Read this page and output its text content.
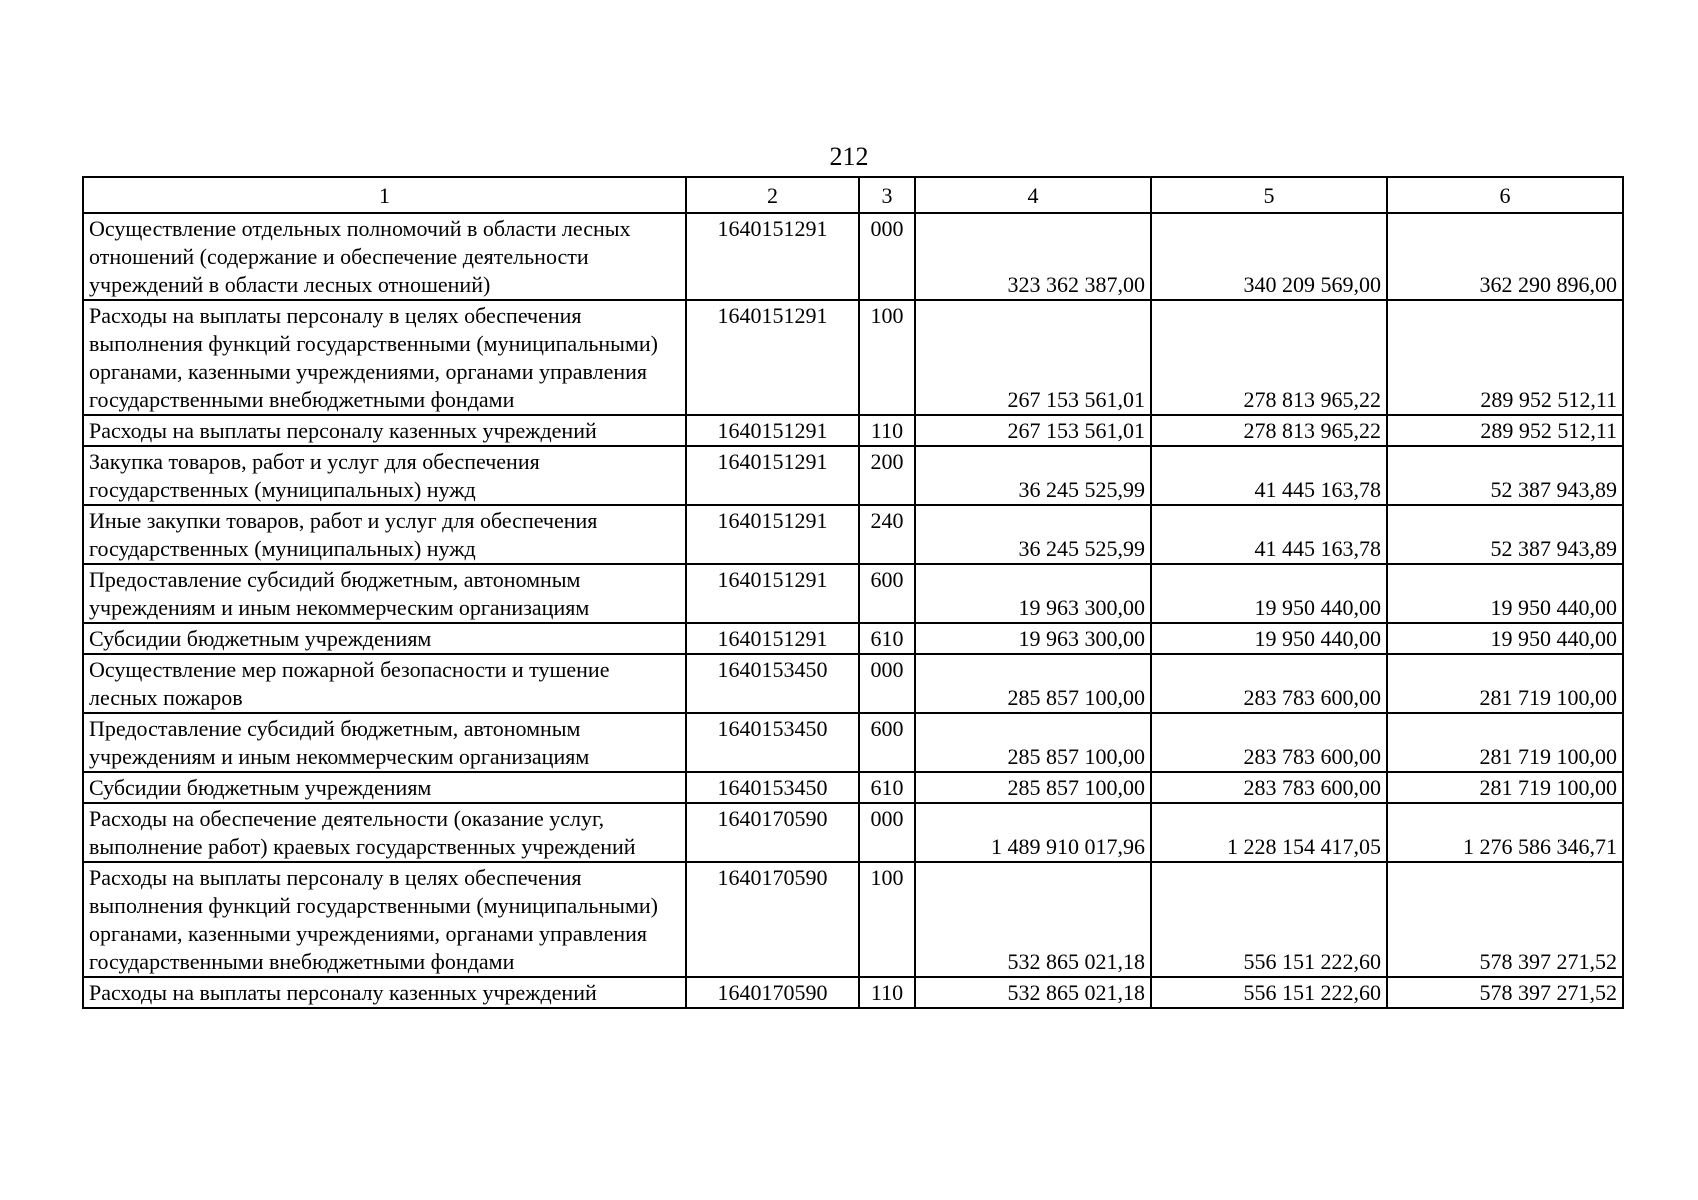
212
1	2	3	4	5	6
Осуществление отдельных полномочий в области лесных отношений (содержание и обеспечение деятельности учреждений в области лесных отношений)	1640151291	000	323 362 387,00	340 209 569,00	362 290 896,00
Расходы на выплаты персоналу в целях обеспечения выполнения функций государственными (муниципальными) органами, казенными учреждениями, органами управления государственными внебюджетными фондами	1640151291	100	267 153 561,01	278 813 965,22	289 952 512,11
Расходы на выплаты персоналу казенных учреждений	1640151291	110	267 153 561,01	278 813 965,22	289 952 512,11
Закупка товаров, работ и услуг для обеспечения государственных (муниципальных) нужд	1640151291	200	36 245 525,99	41 445 163,78	52 387 943,89
Иные закупки товаров, работ и услуг для обеспечения государственных (муниципальных) нужд	1640151291	240	36 245 525,99	41 445 163,78	52 387 943,89
Предоставление субсидий бюджетным, автономным учреждениям и иным некоммерческим организациям	1640151291	600	19 963 300,00	19 950 440,00	19 950 440,00
Субсидии бюджетным учреждениям	1640151291	610	19 963 300,00	19 950 440,00	19 950 440,00
Осуществление мер пожарной безопасности и тушение лесных пожаров	1640153450	000	285 857 100,00	283 783 600,00	281 719 100,00
Предоставление субсидий бюджетным, автономным учреждениям и иным некоммерческим организациям	1640153450	600	285 857 100,00	283 783 600,00	281 719 100,00
Субсидии бюджетным учреждениям	1640153450	610	285 857 100,00	283 783 600,00	281 719 100,00
Расходы на обеспечение деятельности (оказание услуг, выполнение работ) краевых государственных учреждений	1640170590	000	1 489 910 017,96	1 228 154 417,05	1 276 586 346,71
Расходы на выплаты персоналу в целях обеспечения выполнения функций государственными (муниципальными) органами, казенными учреждениями, органами управления государственными внебюджетными фондами	1640170590	100	532 865 021,18	556 151 222,60	578 397 271,52
Расходы на выплаты персоналу казенных учреждений	1640170590	110	532 865 021,18	556 151 222,60	578 397 271,52
